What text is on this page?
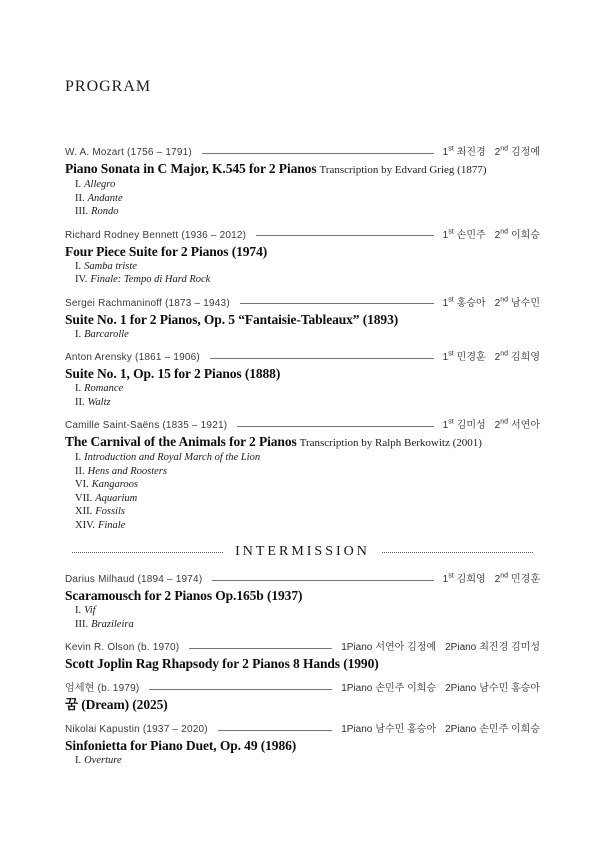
PROGRAM
W. A. Mozart (1756 – 1791)	1st 최진경 2nd 김정예
Piano Sonata in C Major, K.545 for 2 Pianos Transcription by Edvard Grieg (1877)
I. Allegro
II. Andante
III. Rondo
Richard Rodney Bennett (1936 – 2012)	1st 손민주 2nd 이희승
Four Piece Suite for 2 Pianos (1974)
I. Samba triste
IV. Finale: Tempo di Hard Rock
Sergei Rachmaninoff (1873 – 1943)	1st 홍승아 2nd 남수민
Suite No. 1 for 2 Pianos, Op. 5 “Fantaisie-Tableaux” (1893)
I. Barcarolle
Anton Arensky (1861 – 1906)	1st 민경훈 2nd 김희영
Suite No. 1, Op. 15 for 2 Pianos (1888)
I. Romance
II. Waltz
Camille Saint-Saëns (1835 – 1921)	1st 김미성 2nd 서연아
The Carnival of the Animals for 2 Pianos Transcription by Ralph Berkowitz (2001)
I. Introduction and Royal March of the Lion
II. Hens and Roosters
VI. Kangaroos
VII. Aquarium
XII. Fossils
XIV. Finale
INTERMISSION
Darius Milhaud (1894 – 1974)	1st 김희영 2nd 민경훈
Scaramousch for 2 Pianos Op.165b (1937)
I. Vif
III. Brazileira
Kevin R. Olson (b. 1970)	1Piano 서연아 김정예 2Piano 최진경 김미성
Scott Joplin Rag Rhapsody for 2 Pianos 8 Hands (1990)
엄세현 (b. 1979)	1Piano 손민주 이희승 2Piano 남수민 홍승아
꿈 (Dream) (2025)
Nikolai Kapustin (1937 – 2020)	1Piano 남수민 홍승아 2Piano 손민주 이희승
Sinfonietta for Piano Duet, Op. 49 (1986)
I. Overture
